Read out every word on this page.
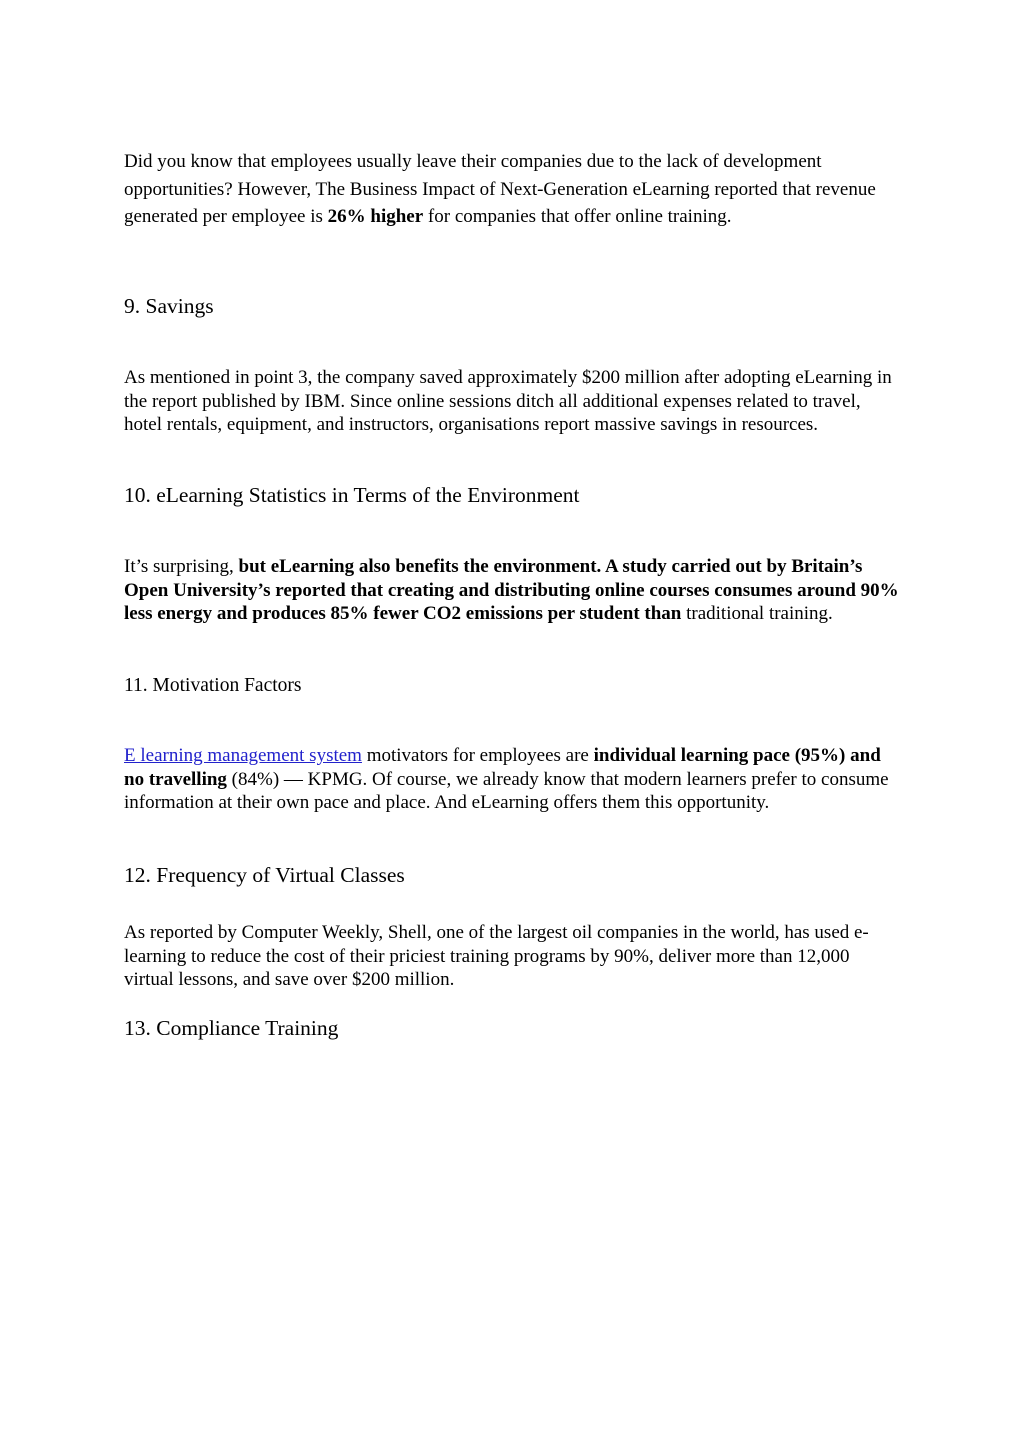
Did you know that employees usually leave their companies due to the lack of development opportunities? However, The Business Impact of Next-Generation eLearning reported that revenue generated per employee is 26% higher for companies that offer online training.

9. Savings

As mentioned in point 3, the company saved approximately $200 million after adopting eLearning in the report published by IBM. Since online sessions ditch all additional expenses related to travel, hotel rentals, equipment, and instructors, organisations report massive savings in resources.

10. eLearning Statistics in Terms of the Environment

It’s surprising, but eLearning also benefits the environment. A study carried out by Britain’s Open University’s reported that creating and distributing online courses consumes around 90% less energy and produces 85% fewer CO2 emissions per student than traditional training.

11. Motivation Factors

E learning management system motivators for employees are individual learning pace (95%) and no travelling (84%) — KPMG. Of course, we already know that modern learners prefer to consume information at their own pace and place. And eLearning offers them this opportunity.

12. Frequency of Virtual Classes

As reported by Computer Weekly, Shell, one of the largest oil companies in the world, has used e-learning to reduce the cost of their priciest training programs by 90%, deliver more than 12,000 virtual lessons, and save over $200 million.

13. Compliance Training
